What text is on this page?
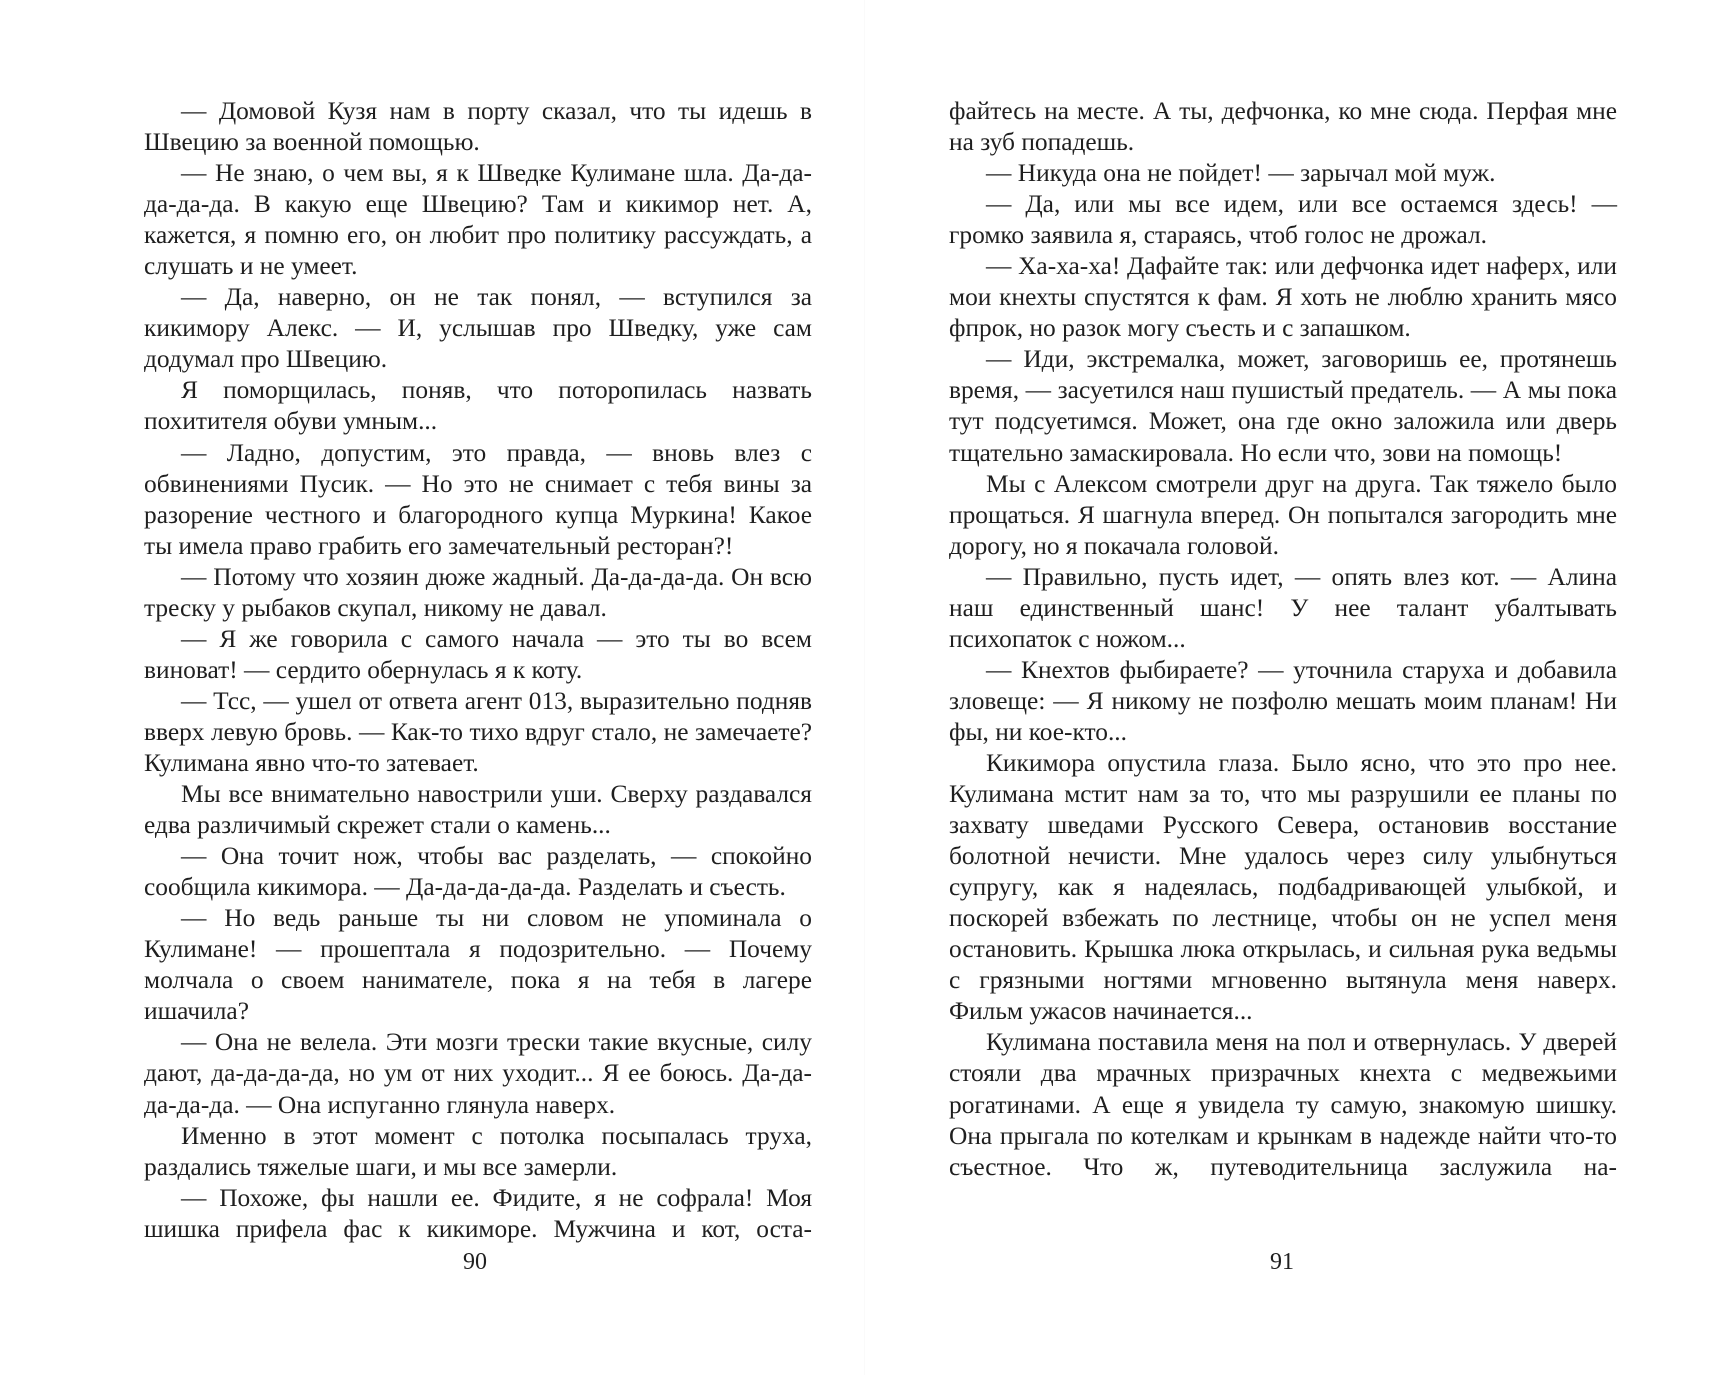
— Домовой Кузя нам в порту сказал, что ты идешь в Швецию за военной помощью.

— Не знаю, о чем вы, я к Шведке Кулимане шла. Да-да-да-да-да. В какую еще Швецию? Там и кикимор нет. А, кажется, я помню его, он любит про политику рассуждать, а слушать и не умеет.

— Да, наверно, он не так понял, — вступился за кикимору Алекс. — И, услышав про Шведку, уже сам додумал про Швецию.

Я поморщилась, поняв, что поторопилась назвать похитителя обуви умным...

— Ладно, допустим, это правда, — вновь влез с обвинениями Пусик. — Но это не снимает с тебя вины за разорение честного и благородного купца Муркина! Какое ты имела право грабить его замечательный ресторан?!

— Потому что хозяин дюже жадный. Да-да-да-да. Он всю треску у рыбаков скупал, никому не давал.

— Я же говорила с самого начала — это ты во всем виноват! — сердито обернулась я к коту.

— Тсс, — ушел от ответа агент 013, выразительно подняв вверх левую бровь. — Как-то тихо вдруг стало, не замечаете? Кулимана явно что-то затевает.

Мы все внимательно навострили уши. Сверху раздавался едва различимый скрежет стали о камень...

— Она точит нож, чтобы вас разделать, — спокойно сообщила кикимора. — Да-да-да-да-да. Разделать и съесть.

— Но ведь раньше ты ни словом не упоминала о Кулимане! — прошептала я подозрительно. — Почему молчала о своем нанимателе, пока я на тебя в лагере ишачила?

— Она не велела. Эти мозги трески такие вкусные, силу дают, да-да-да-да, но ум от них уходит... Я ее боюсь. Да-да-да-да-да. — Она испуганно глянула наверх.

Именно в этот момент с потолка посыпалась труха, раздались тяжелые шаги, и мы все замерли.

— Похоже, фы нашли ее. Фидите, я не софрала! Моя шишка прифела фас к кикиморе. Мужчина и кот, оста-

файтесь на месте. А ты, дефчонка, ко мне сюда. Перфая мне на зуб попадешь.

— Никуда она не пойдет! — зарычал мой муж.

— Да, или мы все идем, или все остаемся здесь! — громко заявила я, стараясь, чтоб голос не дрожал.

— Ха-ха-ха! Дафайте так: или дефчонка идет наферх, или мои кнехты спустятся к фам. Я хоть не люблю хранить мясо фпрок, но разок могу съесть и с запашком.

— Иди, экстремалка, может, заговоришь ее, протянешь время, — засуетился наш пушистый предатель. — А мы пока тут подсуетимся. Может, она где окно заложила или дверь тщательно замаскировала. Но если что, зови на помощь!

Мы с Алексом смотрели друг на друга. Так тяжело было прощаться. Я шагнула вперед. Он попытался загородить мне дорогу, но я покачала головой.

— Правильно, пусть идет, — опять влез кот. — Алина наш единственный шанс! У нее талант убалтывать психопаток с ножом...

— Кнехтов фыбираете? — уточнила старуха и добавила зловеще: — Я никому не позфолю мешать моим планам! Ни фы, ни кое-кто...

Кикимора опустила глаза. Было ясно, что это про нее. Кулимана мстит нам за то, что мы разрушили ее планы по захвату шведами Русского Севера, остановив восстание болотной нечисти. Мне удалось через силу улыбнуться супругу, как я надеялась, подбадривающей улыбкой, и поскорей взбежать по лестнице, чтобы он не успел меня остановить. Крышка люка открылась, и сильная рука ведьмы с грязными ногтями мгновенно вытянула меня наверх. Фильм ужасов начинается...

Кулимана поставила меня на пол и отвернулась. У дверей стояли два мрачных призрачных кнехта с медвежьими рогатинами. А еще я увидела ту самую, знакомую шишку. Она прыгала по котелкам и крынкам в надежде найти что-то съестное. Что ж, путеводительница заслужила на-

90	91
